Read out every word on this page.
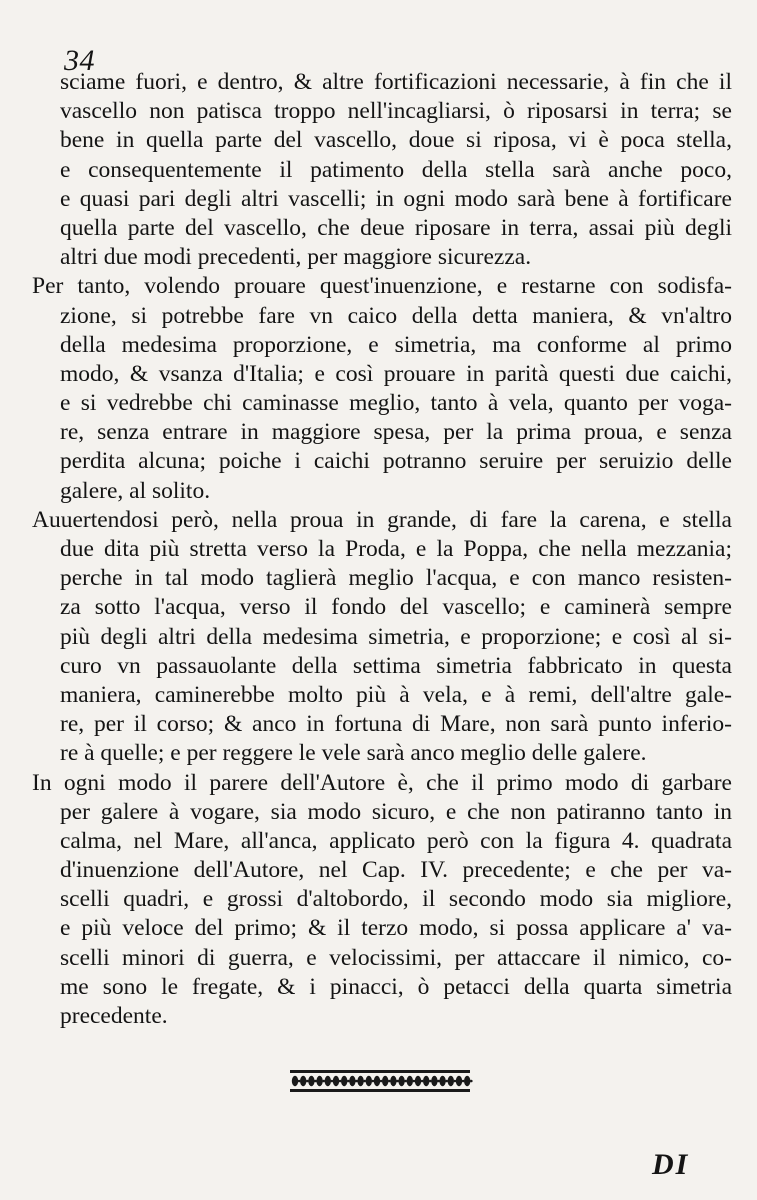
34
sciame fuori, e dentro, & altre fortificazioni necessarie, à fin che il
vascello non patisca troppo nell'incagliarsi, ò riposarsi in terra; se
bene in quella parte del vascello, doue si riposa, vi è poca stella,
e consequentemente il patimento della stella sarà anche poco,
e quasi pari degli altri vascelli; in ogni modo sarà bene à fortificare
quella parte del vascello, che deue riposare in terra, assai più degli
altri due modi precedenti, per maggiore sicurezza.
Per tanto, volendo prouare quest'inuenzione, e restarne con sodisfa-
zione, si potrebbe fare vn caico della detta maniera, & vn'altro
della medesima proporzione, e simetria, ma conforme al primo
modo, & vsanza d'Italia; e così prouare in parità questi due caichi,
e si vedrebbe chi caminasse meglio, tanto à vela, quanto per voga-
re, senza entrare in maggiore spesa, per la prima proua, e senza
perdita alcuna; poiche i caichi potranno seruire per seruizio delle
galere, al solito.
Auuertendosi però, nella proua in grande, di fare la carena, e stella
due dita più stretta verso la Proda, e la Poppa, che nella mezzania;
perche in tal modo taglierà meglio l'acqua, e con manco resisten-
za sotto l'acqua, verso il fondo del vascello; e caminerà sempre
più degli altri della medesima simetria, e proporzione; e così al si-
curo vn passauolante della settima simetria fabbricato in questa
maniera, caminerebbe molto più à vela, e à remi, dell'altre gale-
re, per il corso; & anco in fortuna di Mare, non sarà punto inferio-
re à quelle; e per reggere le vele sarà anco meglio delle galere.
In ogni modo il parere dell'Autore è, che il primo modo di garbare
per galere à vogare, sia modo sicuro, e che non patiranno tanto in
calma, nel Mare, all'anca, applicato però con la figura 4. quadrata
d'inuenzione dell'Autore, nel Cap. IV. precedente; e che per va-
scelli quadri, e grossi d'altobordo, il secondo modo sia migliore,
e più veloce del primo; & il terzo modo, si possa applicare a' va-
scelli minori di guerra, e velocissimi, per attaccare il nimico, co-
me sono le fregate, & i pinacci, ò petacci della quarta simetria
precedente.
DI
